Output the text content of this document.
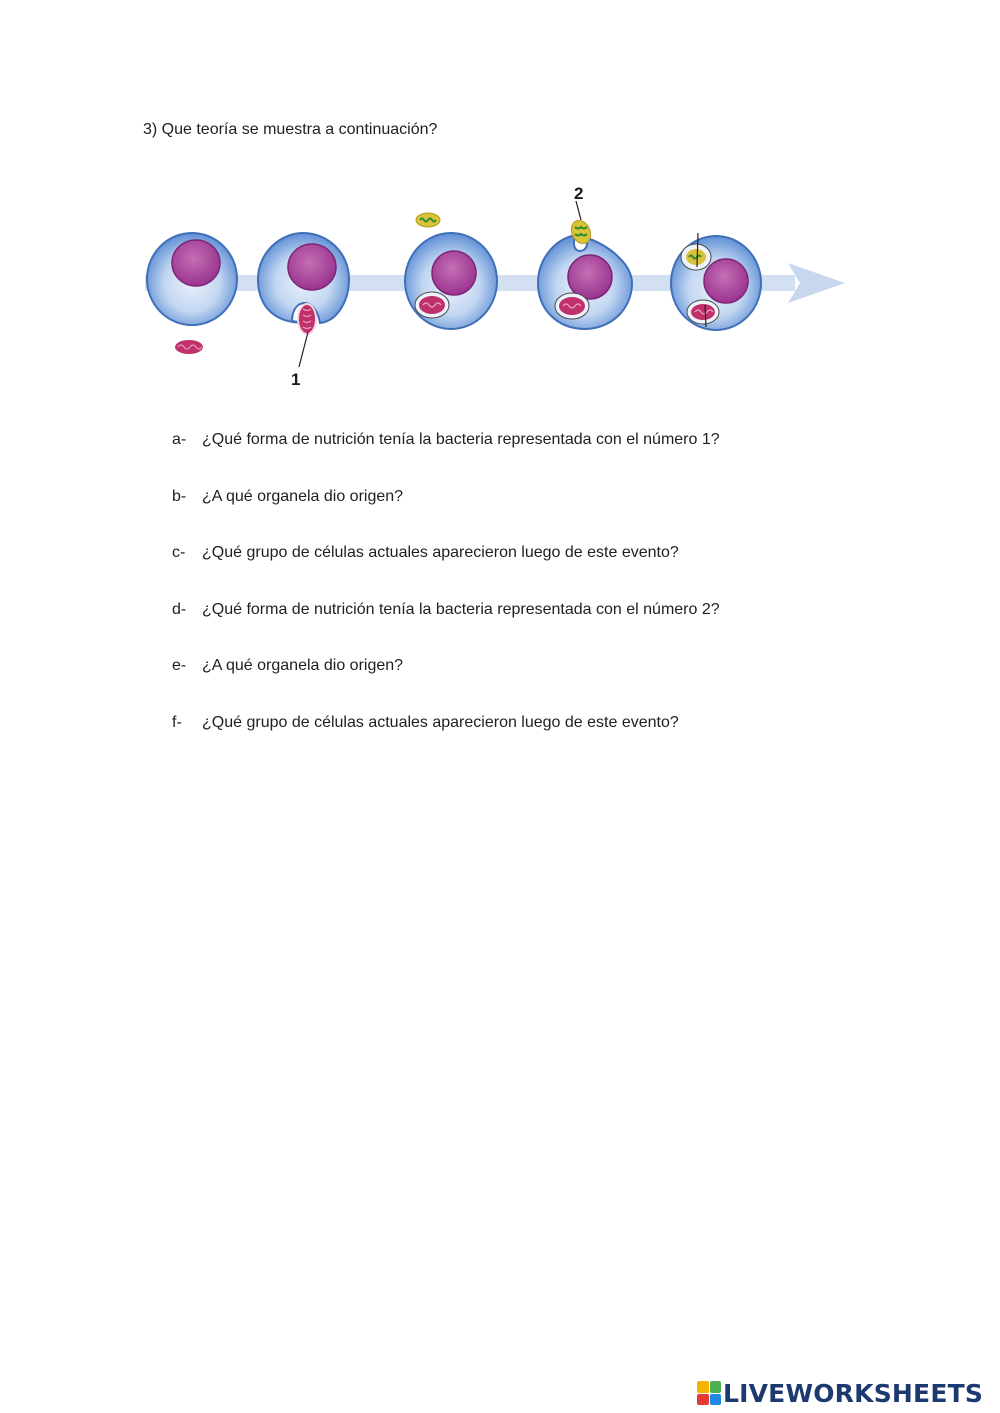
3) Que teoría se muestra a continuación?
1
2
a- ¿Qué forma de nutrición tenía la bacteria representada con el número 1?
b- ¿A qué organela dio origen?
c- ¿Qué grupo de células actuales aparecieron luego de este evento?
d- ¿Qué forma de nutrición tenía la bacteria representada con el número 2?
e- ¿A qué organela dio origen?
f- ¿Qué grupo de células actuales aparecieron luego de este evento?
LIVEWORKSHEETS
